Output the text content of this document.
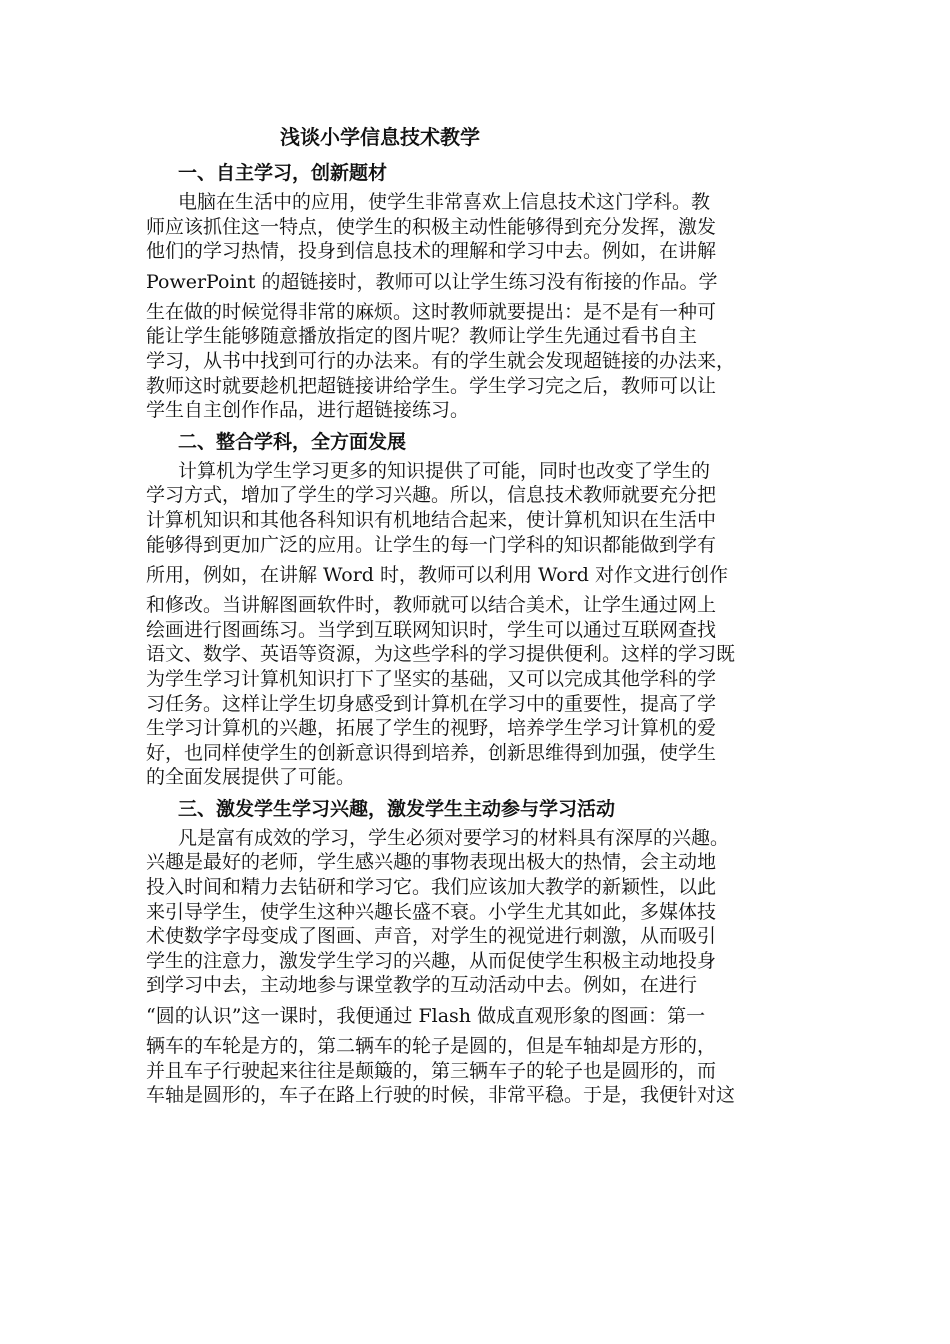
浅谈小学信息技术教学
一、自主学习，创新题材
电脑在生活中的应用，使学生非常喜欢上信息技术这门学科。教
师应该抓住这一特点，使学生的积极主动性能够得到充分发挥，激发
他们的学习热情，投身到信息技术的理解和学习中去。例如，在讲解
PowerPoint 的超链接时，教师可以让学生练习没有衔接的作品。学
生在做的时候觉得非常的麻烦。这时教师就要提出：是不是有一种可
能让学生能够随意播放指定的图片呢？教师让学生先通过看书自主
学习，从书中找到可行的办法来。有的学生就会发现超链接的办法来，
教师这时就要趁机把超链接讲给学生。学生学习完之后，教师可以让
学生自主创作作品，进行超链接练习。
二、整合学科，全方面发展
计算机为学生学习更多的知识提供了可能，同时也改变了学生的
学习方式，增加了学生的学习兴趣。所以，信息技术教师就要充分把
计算机知识和其他各科知识有机地结合起来，使计算机知识在生活中
能够得到更加广泛的应用。让学生的每一门学科的知识都能做到学有
所用，例如，在讲解 Word 时，教师可以利用 Word 对作文进行创作
和修改。当讲解图画软件时，教师就可以结合美术，让学生通过网上
绘画进行图画练习。当学到互联网知识时，学生可以通过互联网查找
语文、数学、英语等资源，为这些学科的学习提供便利。这样的学习既
为学生学习计算机知识打下了坚实的基础，又可以完成其他学科的学
习任务。这样让学生切身感受到计算机在学习中的重要性，提高了学
生学习计算机的兴趣，拓展了学生的视野，培养学生学习计算机的爱
好，也同样使学生的创新意识得到培养，创新思维得到加强，使学生
的全面发展提供了可能。
三、激发学生学习兴趣，激发学生主动参与学习活动
凡是富有成效的学习，学生必须对要学习的材料具有深厚的兴趣。
兴趣是最好的老师，学生感兴趣的事物表现出极大的热情，会主动地
投入时间和精力去钻研和学习它。我们应该加大教学的新颖性，以此
来引导学生，使学生这种兴趣长盛不衰。小学生尤其如此，多媒体技
术使数学字母变成了图画、声音，对学生的视觉进行刺激，从而吸引
学生的注意力，激发学生学习的兴趣，从而促使学生积极主动地投身
到学习中去，主动地参与课堂教学的互动活动中去。例如，在进行
“圆的认识”这一课时，我便通过 Flash 做成直观形象的图画：第一
辆车的车轮是方的，第二辆车的轮子是圆的，但是车轴却是方形的，
并且车子行驶起来往往是颠簸的，第三辆车子的轮子也是圆形的，而
车轴是圆形的，车子在路上行驶的时候，非常平稳。于是，我便针对这
